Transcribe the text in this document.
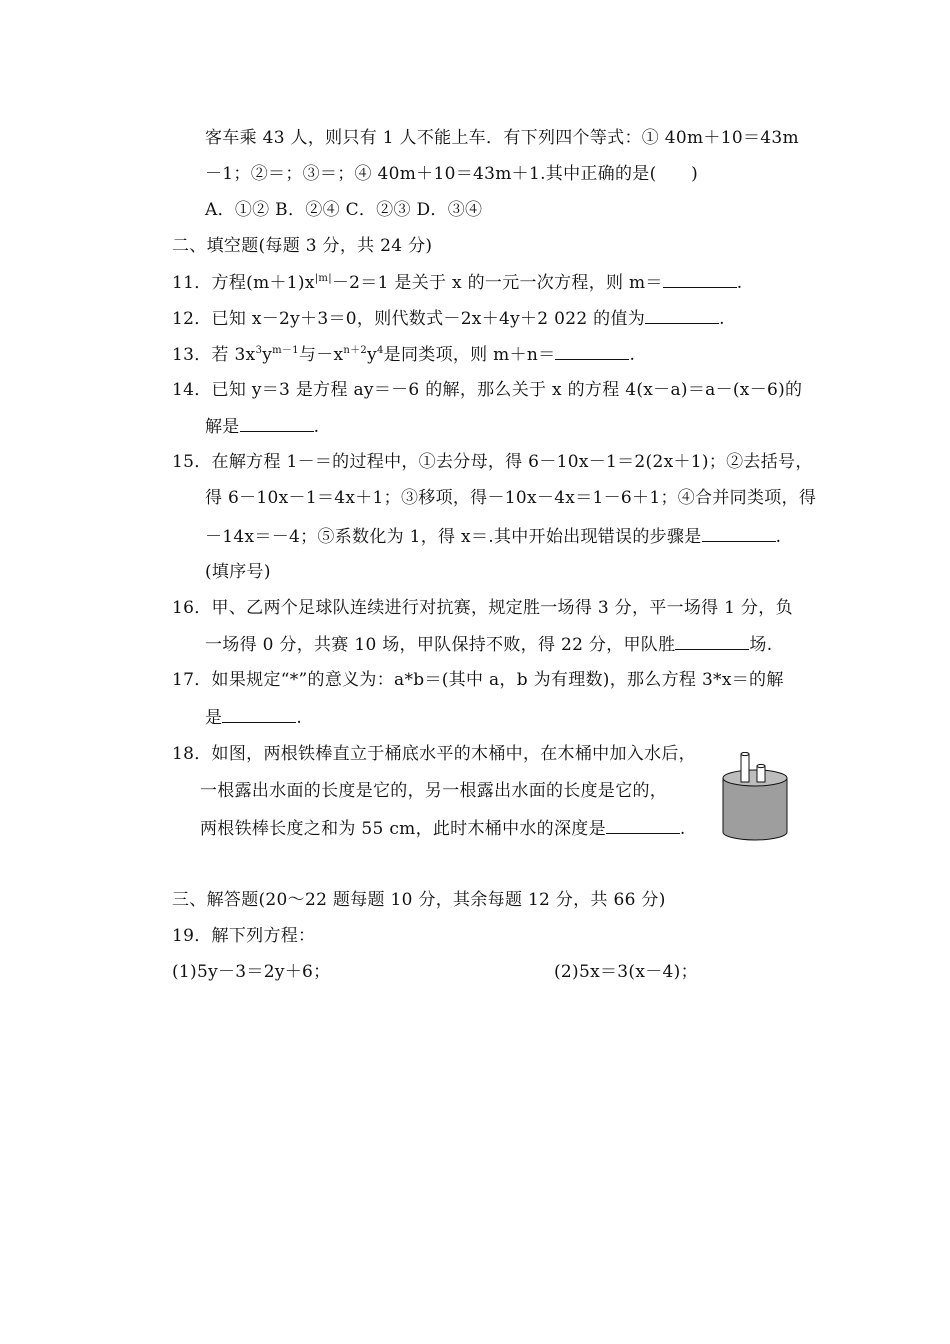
客车乘 43 人，则只有 1 人不能上车．有下列四个等式：① 40m＋10＝43m
－1；②＝；③＝；④ 40m＋10＝43m＋1.其中正确的是(　　)
A．①② B．②④ C．②③ D．③④
二、填空题(每题 3 分，共 24 分)
11．方程$(m+1)x^{|m|}-2=1$ 是关于 x 的一元一次方程，则 m＝	.
12．已知 x－2y＋3＝0，则代数式－2x＋4y＋2 022 的值为	.
13．若 $3x^3y^{m-1}$与$-x^{n+2}y^4$是同类项，则 m＋n＝	.
14．已知 y＝3 是方程 ay＝－6 的解，那么关于 x 的方程 4(x－a)＝a－(x－6)的
解是	.
15．在解方程 1－＝的过程中，①去分母，得 6－10x－1＝2(2x＋1)；②去括号，
得 6－10x－1＝4x＋1；③移项，得－10x－4x＝1－6＋1；④合并同类项，得
－14x＝－4；⑤系数化为 1，得 x＝.其中开始出现错误的步骤是	.
(填序号)
16．甲、乙两个足球队连续进行对抗赛，规定胜一场得 3 分，平一场得 1 分，负
一场得 0 分，共赛 10 场，甲队保持不败，得 22 分，甲队胜	场.
17．如果规定“*”的意义为：a*b＝(其中 a，b 为有理数)，那么方程 3*x＝的解
是	.
18．如图，两根铁棒直立于桶底水平的木桶中，在木桶中加入水后，
一根露出水面的长度是它的，另一根露出水面的长度是它的，
两根铁棒长度之和为 55 cm，此时木桶中水的深度是	.
三、解答题(20～22 题每题 10 分，其余每题 12 分，共 66 分)
19．解下列方程：
(1)5y－3＝2y＋6；	(2)5x＝3(x－4)；
